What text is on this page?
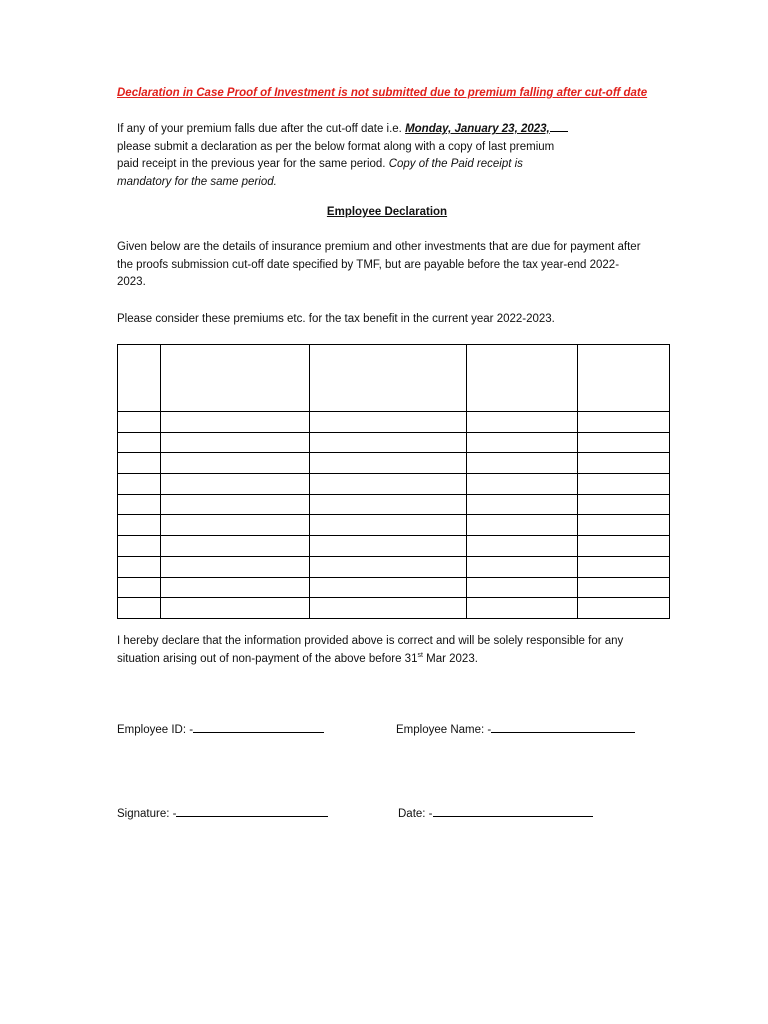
Declaration in Case Proof of Investment is not submitted due to premium falling after cut-off date
If any of your premium falls due after the cut-off date i.e. Monday, January 23, 2023,
please submit a declaration as per the below format along with a copy of last premium
paid receipt in the previous year for the same period. Copy of the Paid receipt is
mandatory for the same period.
Employee Declaration
Given below are the details of insurance premium and other investments that are due for payment after the proofs submission cut-off date specified by TMF, but are payable before the tax year-end 2022-2023.
Please consider these premiums etc. for the tax benefit in the current year 2022-2023.

I hereby declare that the information provided above is correct and will be solely responsible for any situation arising out of non-payment of the above before 31st Mar 2023.
Employee ID: -	Employee Name: -
Signature: -	Date: -
